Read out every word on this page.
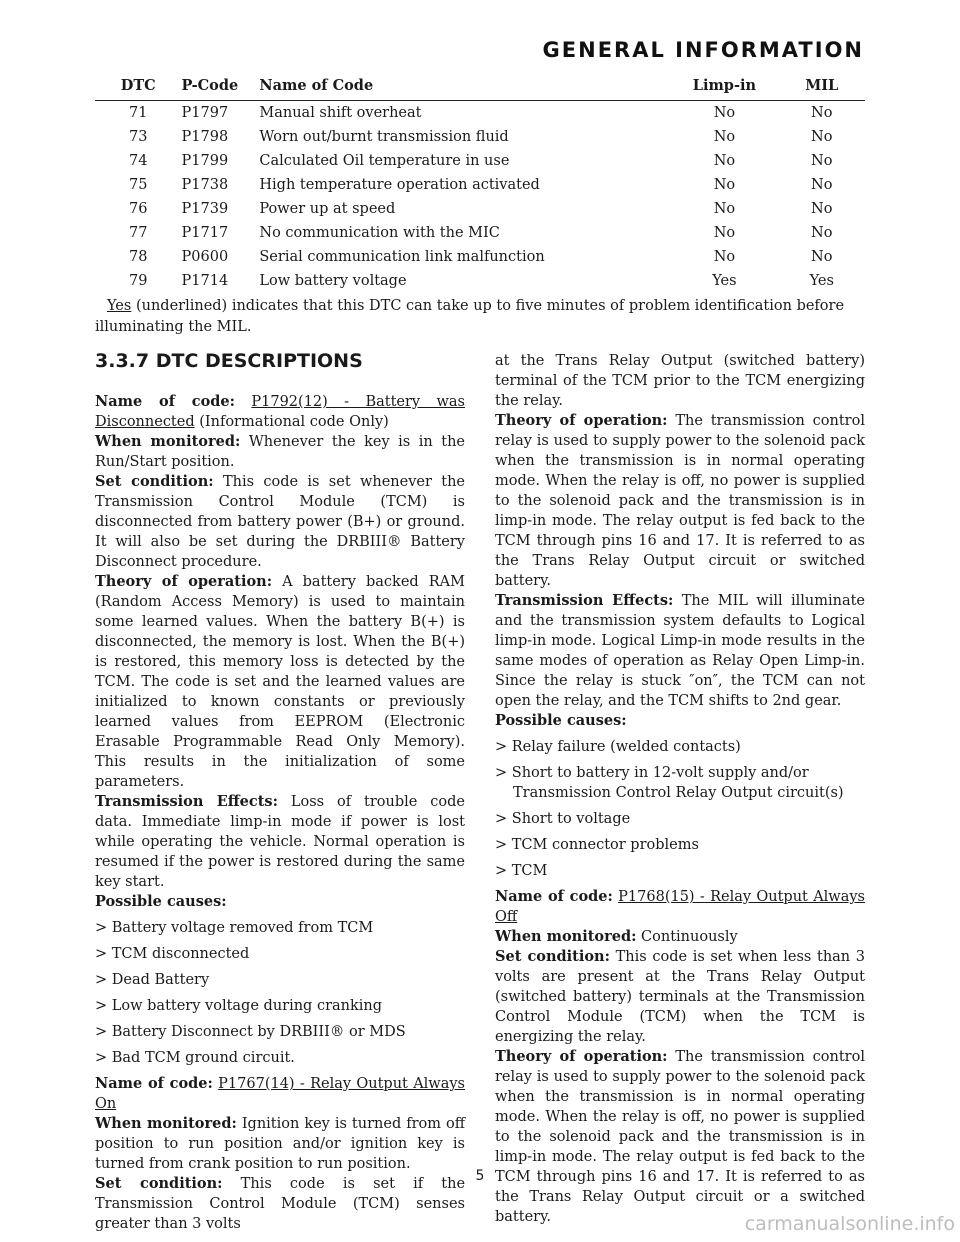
GENERAL INFORMATION
DTC	P-Code	Name of Code	Limp-in	MIL
71	P1797	Manual shift overheat	No	No
73	P1798	Worn out/burnt transmission fluid	No	No
74	P1799	Calculated Oil temperature in use	No	No
75	P1738	High temperature operation activated	No	No
76	P1739	Power up at speed	No	No
77	P1717	No communication with the MIC	No	No
78	P0600	Serial communication link malfunction	No	No
79	P1714	Low battery voltage	Yes	Yes
Yes (underlined) indicates that this DTC can take up to five minutes of problem identification before illuminating the MIL.
3.3.7 DTC DESCRIPTIONS

Name of code: P1792(12) - Battery was Disconnected (Informational code Only)

When monitored: Whenever the key is in the Run/Start position.

Set condition: This code is set whenever the Transmission Control Module (TCM) is disconnected from battery power (B+) or ground. It will also be set during the DRBIII® Battery Disconnect procedure.

Theory of operation: A battery backed RAM (Random Access Memory) is used to maintain some learned values. When the battery B(+) is disconnected, the memory is lost. When the B(+) is restored, this memory loss is detected by the TCM. The code is set and the learned values are initialized to known constants or previously learned values from EEPROM (Electronic Erasable Programmable Read Only Memory). This results in the initialization of some parameters.

Transmission Effects: Loss of trouble code data. Immediate limp-in mode if power is lost while operating the vehicle. Normal operation is resumed if the power is restored during the same key start.

Possible causes:

> Battery voltage removed from TCM

> TCM disconnected

> Dead Battery

> Low battery voltage during cranking

> Battery Disconnect by DRBIII® or MDS

> Bad TCM ground circuit.

Name of code: P1767(14) - Relay Output Always On

When monitored: Ignition key is turned from off position to run position and/or ignition key is turned from crank position to run position.

Set condition: This code is set if the Transmission Control Module (TCM) senses greater than 3 volts

at the Trans Relay Output (switched battery) terminal of the TCM prior to the TCM energizing the relay.

Theory of operation: The transmission control relay is used to supply power to the solenoid pack when the transmission is in normal operating mode. When the relay is off, no power is supplied to the solenoid pack and the transmission is in limp-in mode. The relay output is fed back to the TCM through pins 16 and 17. It is referred to as the Trans Relay Output circuit or switched battery.

Transmission Effects: The MIL will illuminate and the transmission system defaults to Logical limp-in mode. Logical Limp-in mode results in the same modes of operation as Relay Open Limp-in. Since the relay is stuck ″on″, the TCM can not open the relay, and the TCM shifts to 2nd gear.

Possible causes:

> Relay failure (welded contacts)

> Short to battery in 12-volt supply and/or Transmission Control Relay Output circuit(s)

> Short to voltage

> TCM connector problems

> TCM

Name of code: P1768(15) - Relay Output Always Off

When monitored: Continuously

Set condition: This code is set when less than 3 volts are present at the Trans Relay Output (switched battery) terminals at the Transmission Control Module (TCM) when the TCM is energizing the relay.

Theory of operation: The transmission control relay is used to supply power to the solenoid pack when the transmission is in normal operating mode. When the relay is off, no power is supplied to the solenoid pack and the transmission is in limp-in mode. The relay output is fed back to the TCM through pins 16 and 17. It is referred to as the Trans Relay Output circuit or a switched battery.

5
carmanualsonline.info
